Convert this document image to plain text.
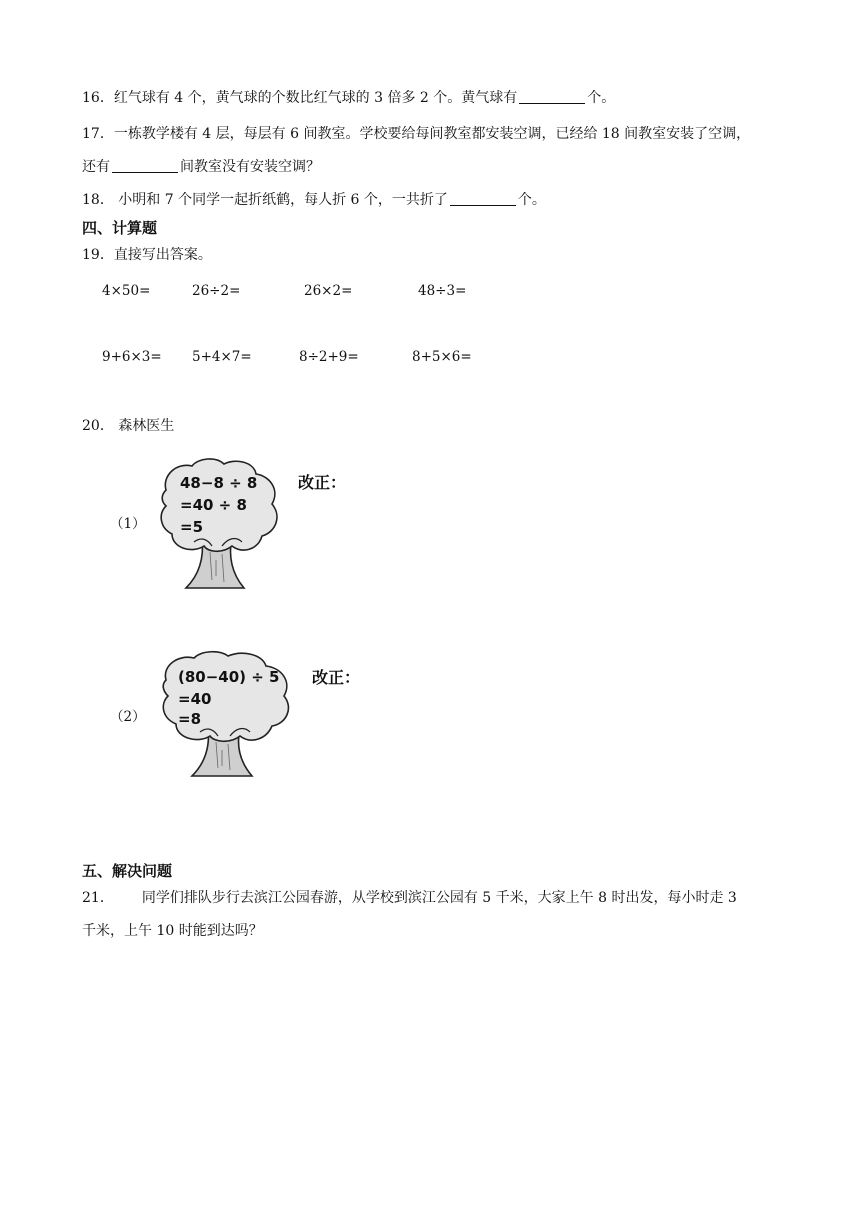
16．红气球有 4 个，黄气球的个数比红气球的 3 倍多 2 个。黄气球有	个。
17．一栋教学楼有 4 层，每层有 6 间教室。学校要给每间教室都安装空调，已经给 18 间教室安装了空调，
还有	间教室没有安装空调？
18． 小明和 7 个同学一起折纸鹤，每人折 6 个，一共折了	个。
四、计算题
19．直接写出答案。
4×50=	26÷2=	26×2=	48÷3=
9+6×3= 5+4×7=	8÷2+9=	8+5×6=
20． 森林医生
（1）
48−8 ÷ 8
=40 ÷ 8
=5
改正：
（2）
(80−40) ÷ 5
=40
=8
改正：
五、解决问题
21． 同学们排队步行去滨江公园春游，从学校到滨江公园有 5 千米，大家上午 8 时出发，每小时走 3
千米，上午 10 时能到达吗？
